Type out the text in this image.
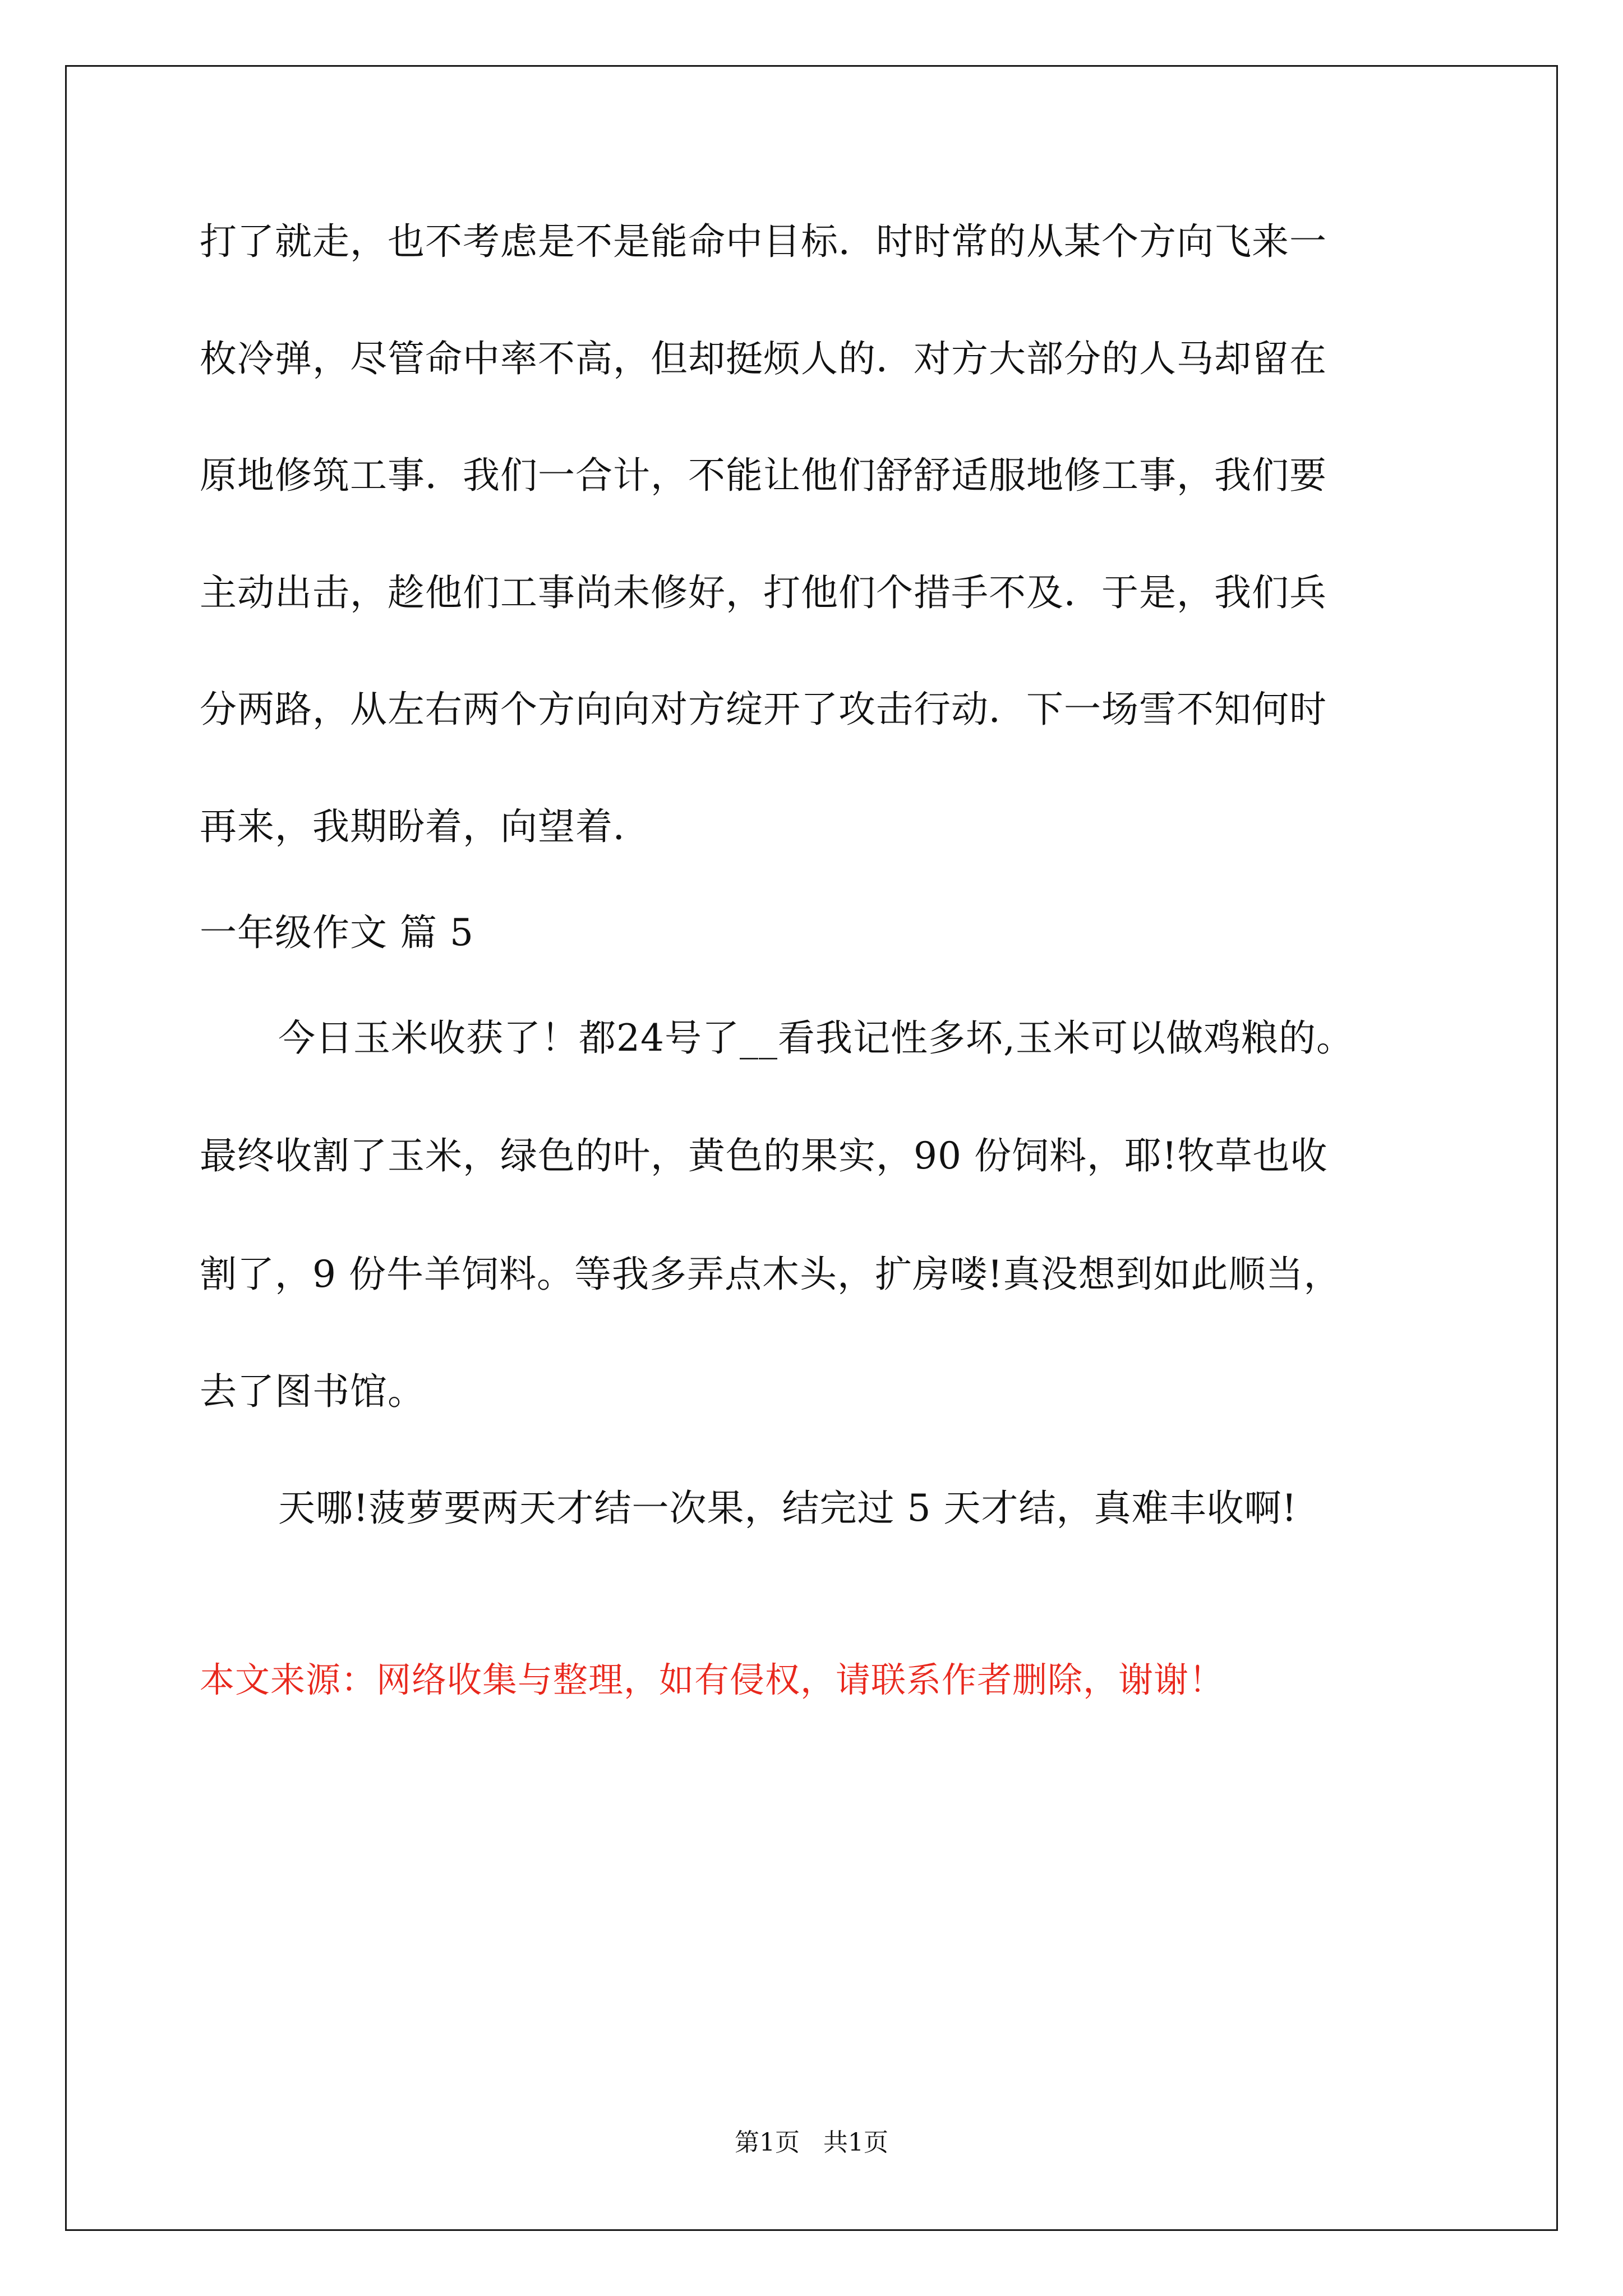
打了就走，也不考虑是不是能命中目标．时时常的从某个方向飞来一
枚冷弹，尽管命中率不高，但却挺烦人的．对方大部分的人马却留在
原地修筑工事．我们一合计，不能让他们舒舒适服地修工事，我们要
主动出击，趁他们工事尚未修好，打他们个措手不及．于是，我们兵
分两路，从左右两个方向向对方绽开了攻击行动．下一场雪不知何时
再来，我期盼着，向望着．
一年级作文 篇 5
今日玉米收获了！都24号了__看我记性多坏,玉米可以做鸡粮的。
最终收割了玉米，绿色的叶，黄色的果实，90 份饲料，耶!牧草也收
割了，9 份牛羊饲料。等我多弄点木头，扩房喽!真没想到如此顺当，
去了图书馆。
天哪!菠萝要两天才结一次果，结完过 5 天才结，真难丰收啊!
本文来源：网络收集与整理，如有侵权，请联系作者删除，谢谢！
第1页 共1页
